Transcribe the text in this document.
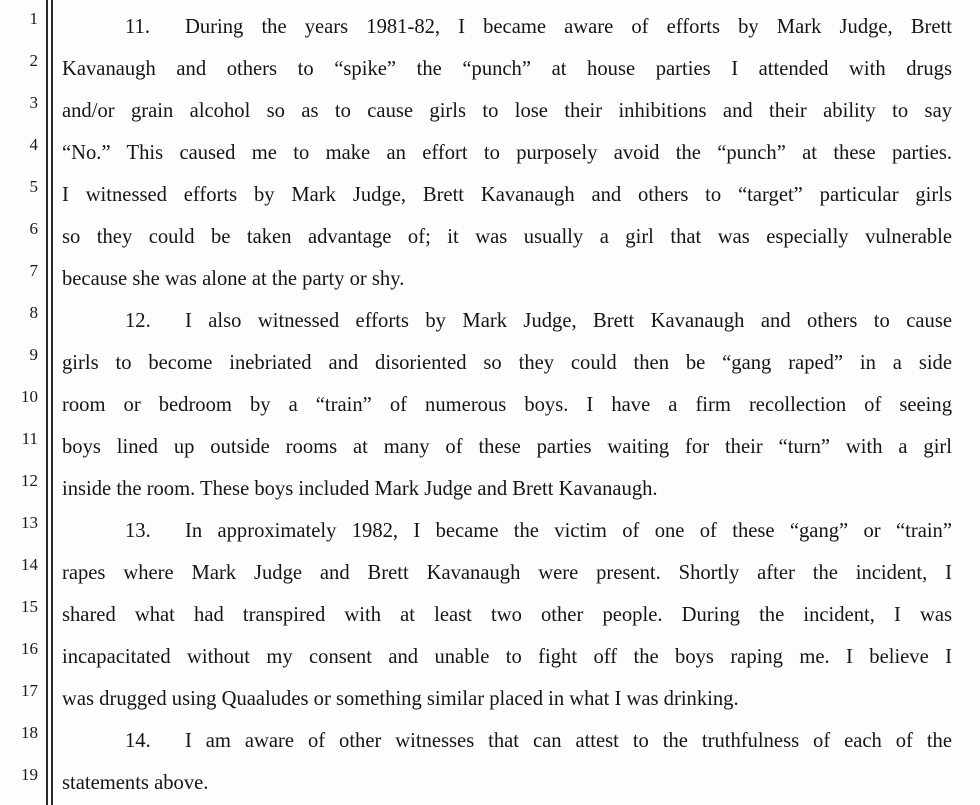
1
2
3
4
5
6
7
8
9
10
11
12
13
14
15
16
17
18
19
11. During the years 1981-82, I became aware of efforts by Mark Judge, Brett
Kavanaugh and others to “spike” the “punch” at house parties I attended with drugs
and/or grain alcohol so as to cause girls to lose their inhibitions and their ability to say
“No.” This caused me to make an effort to purposely avoid the “punch” at these parties.
I witnessed efforts by Mark Judge, Brett Kavanaugh and others to “target” particular girls
so they could be taken advantage of; it was usually a girl that was especially vulnerable
because she was alone at the party or shy.
12. I also witnessed efforts by Mark Judge, Brett Kavanaugh and others to cause
girls to become inebriated and disoriented so they could then be “gang raped” in a side
room or bedroom by a “train” of numerous boys. I have a firm recollection of seeing
boys lined up outside rooms at many of these parties waiting for their “turn” with a girl
inside the room. These boys included Mark Judge and Brett Kavanaugh.
13. In approximately 1982, I became the victim of one of these “gang” or “train”
rapes where Mark Judge and Brett Kavanaugh were present. Shortly after the incident, I
shared what had transpired with at least two other people. During the incident, I was
incapacitated without my consent and unable to fight off the boys raping me. I believe I
was drugged using Quaaludes or something similar placed in what I was drinking.
14. I am aware of other witnesses that can attest to the truthfulness of each of the
statements above.
